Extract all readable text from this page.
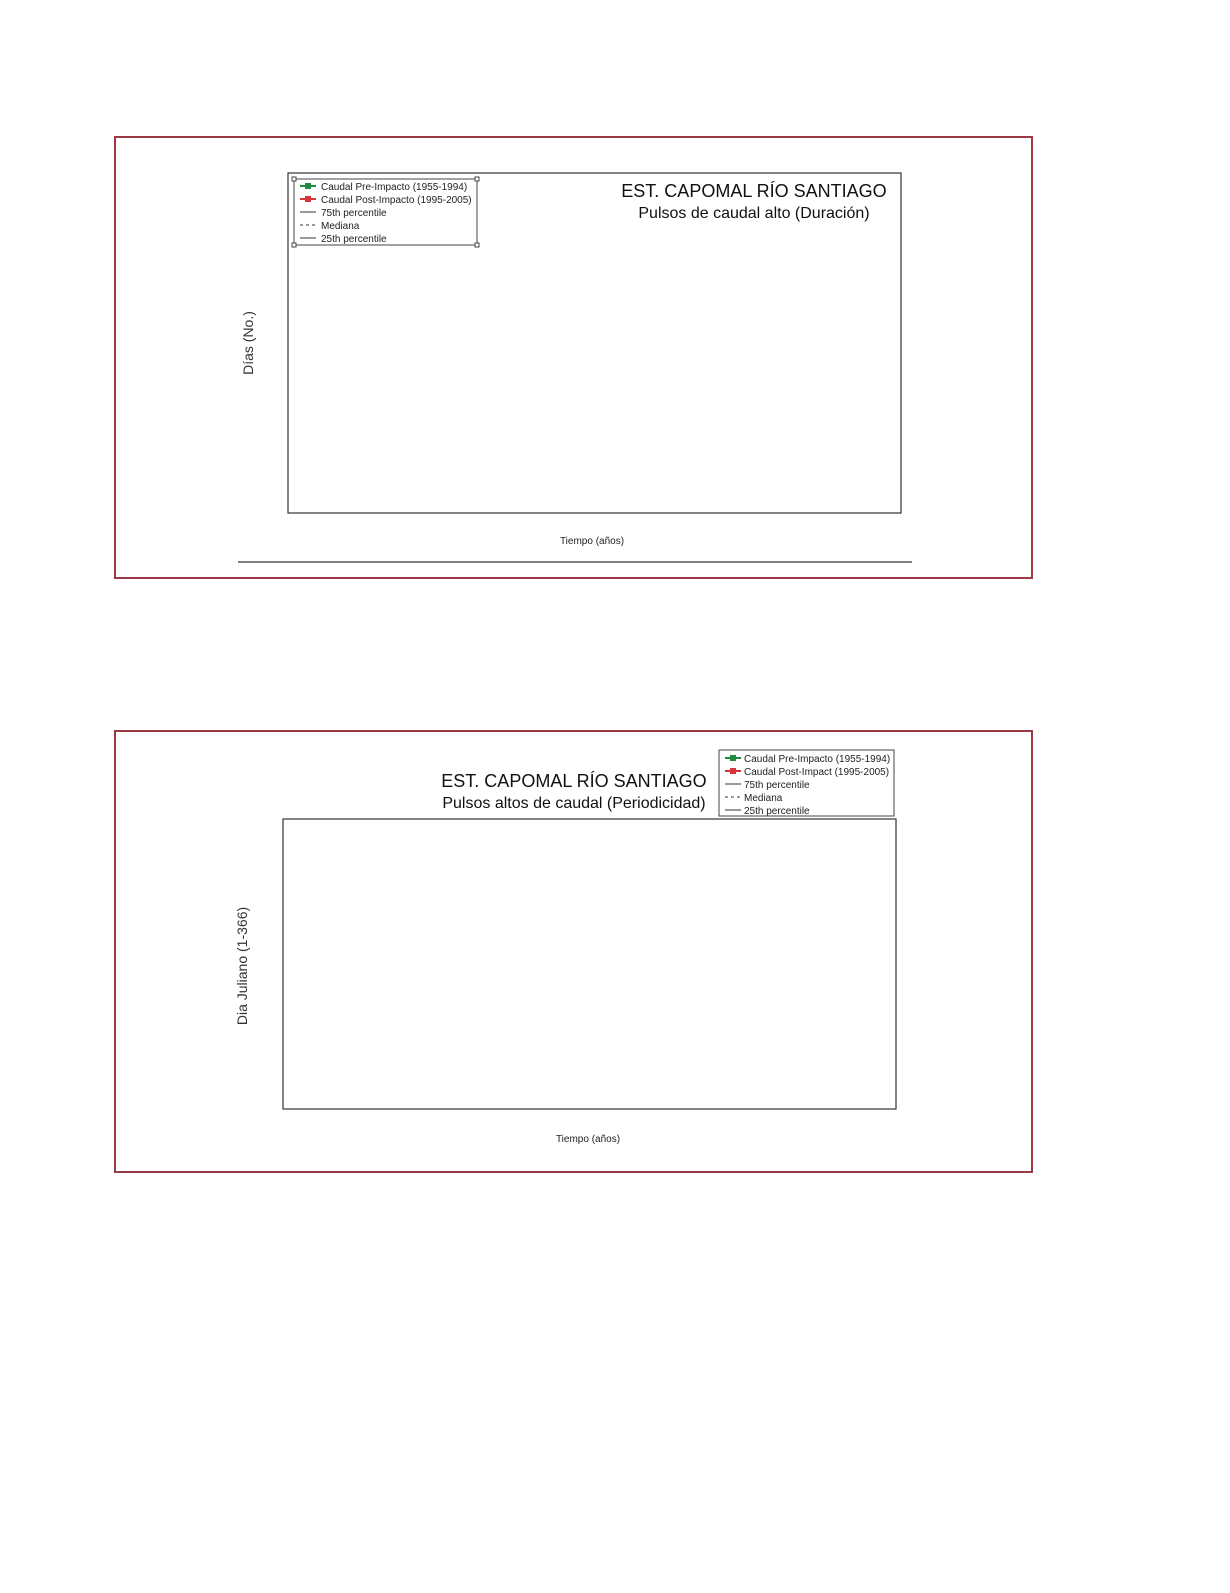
EST. CAPOMAL RÍO SANTIAGO
Pulsos de caudal alto (Duración)
Días (No.)
Tiempo (años)
Caudal Pre-Impacto (1955-1994)
Caudal Post-Impacto (1995-2005)
75th percentile
Mediana
25th percentile
EST. CAPOMAL RÍO SANTIAGO
Pulsos altos de caudal (Periodicidad)
Dia Juliano (1-366)
Tiempo (años)
Caudal Pre-Impacto (1955-1994)
Caudal Post-Impact (1995-2005)
75th percentile
Mediana
25th percentile
